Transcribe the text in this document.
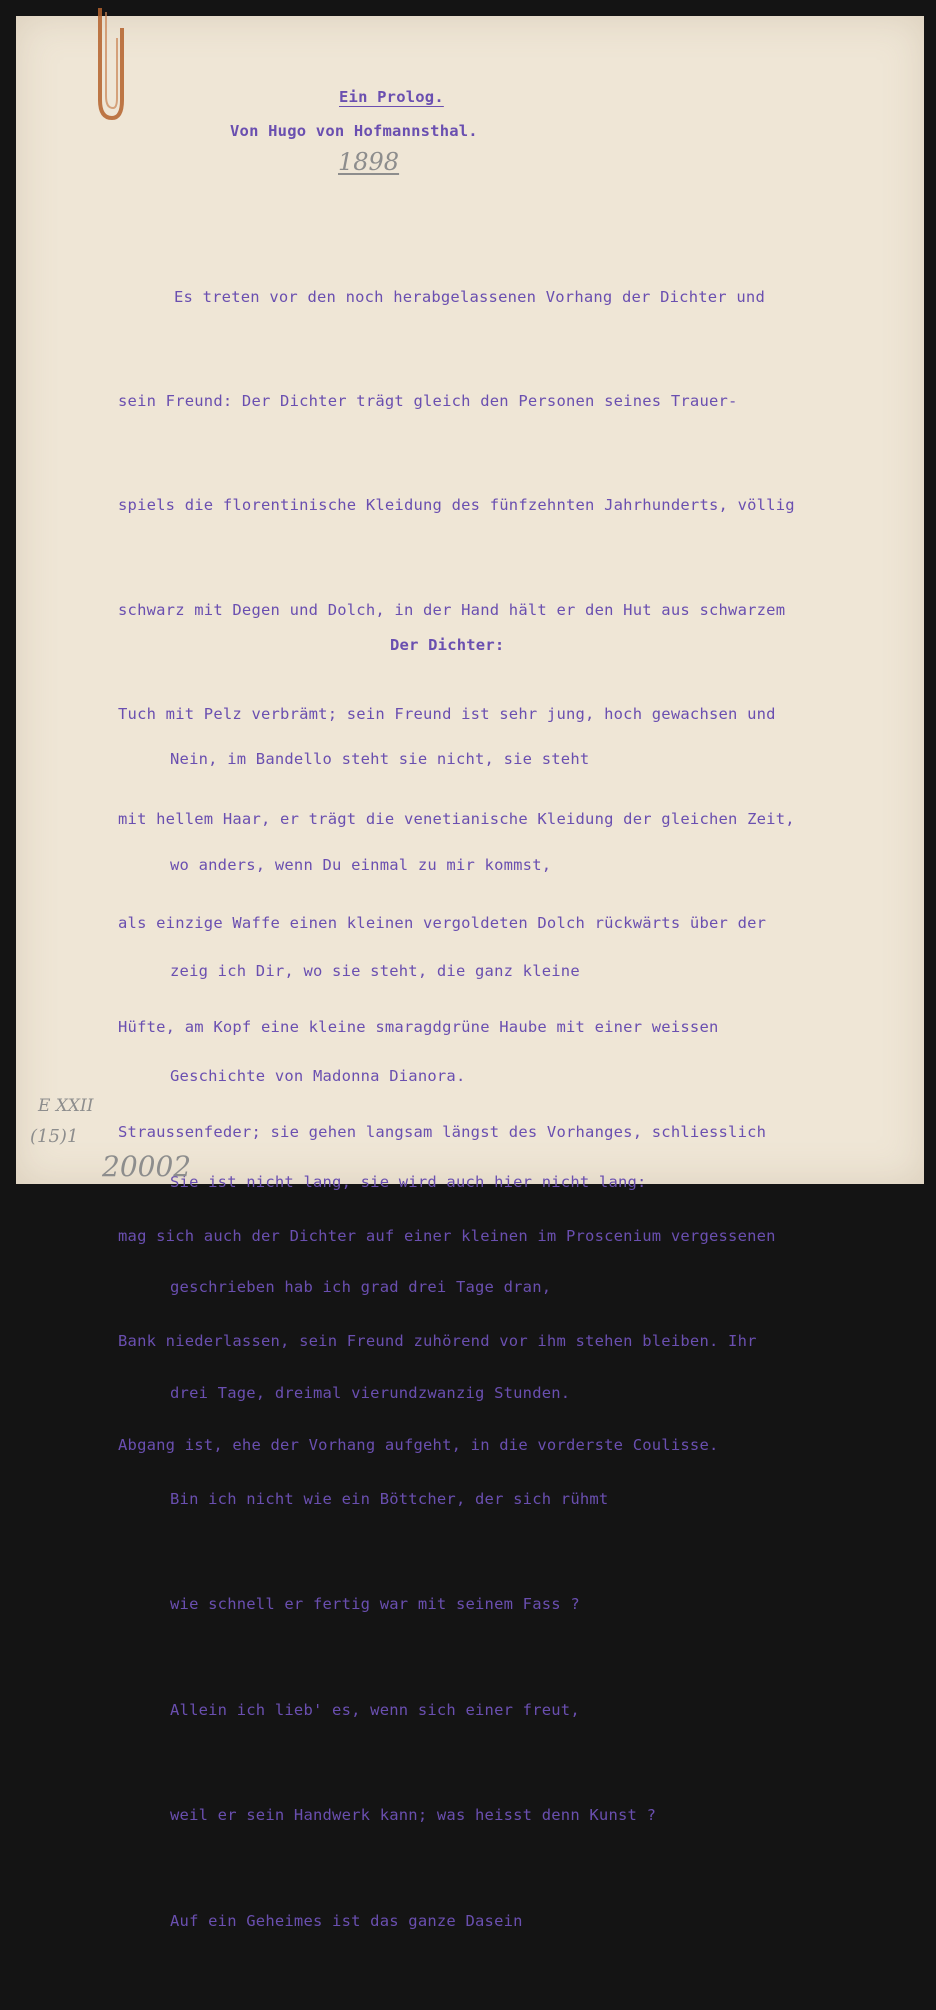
Ein Prolog.
Von Hugo von Hofmannsthal.
1898

Es treten vor den noch herabgelassenen Vorhang der Dichter und

sein Freund: Der Dichter trägt gleich den Personen seines Trauer-

spiels die florentinische Kleidung des fünfzehnten Jahrhunderts, völlig

schwarz mit Degen und Dolch, in der Hand hält er den Hut aus schwarzem

Tuch mit Pelz verbrämt; sein Freund ist sehr jung, hoch gewachsen und

mit hellem Haar, er trägt die venetianische Kleidung der gleichen Zeit,

als einzige Waffe einen kleinen vergoldeten Dolch rückwärts über der

Hüfte, am Kopf eine kleine smaragdgrüne Haube mit einer weissen

Straussenfeder; sie gehen langsam längst des Vorhanges, schliesslich

mag sich auch der Dichter auf einer kleinen im Proscenium vergessenen

Bank niederlassen, sein Freund zuhörend vor ihm stehen bleiben. Ihr

Abgang ist, ehe der Vorhang aufgeht, in die vorderste Coulisse.

Der Dichter:

Nein, im Bandello steht sie nicht, sie steht

wo anders, wenn Du einmal zu mir kommst,

zeig ich Dir, wo sie steht, die ganz kleine

Geschichte von Madonna Dianora.

Sie ist nicht lang, sie wird auch hier nicht lang:

geschrieben hab ich grad drei Tage dran,

drei Tage, dreimal vierundzwanzig Stunden.

Bin ich nicht wie ein Böttcher, der sich rühmt

wie schnell er fertig war mit seinem Fass ?

Allein ich lieb' es, wenn sich einer freut,

weil er sein Handwerk kann; was heisst denn Kunst ?

Auf ein Geheimes ist das ganze Dasein

E XXII
(15)1
20002
